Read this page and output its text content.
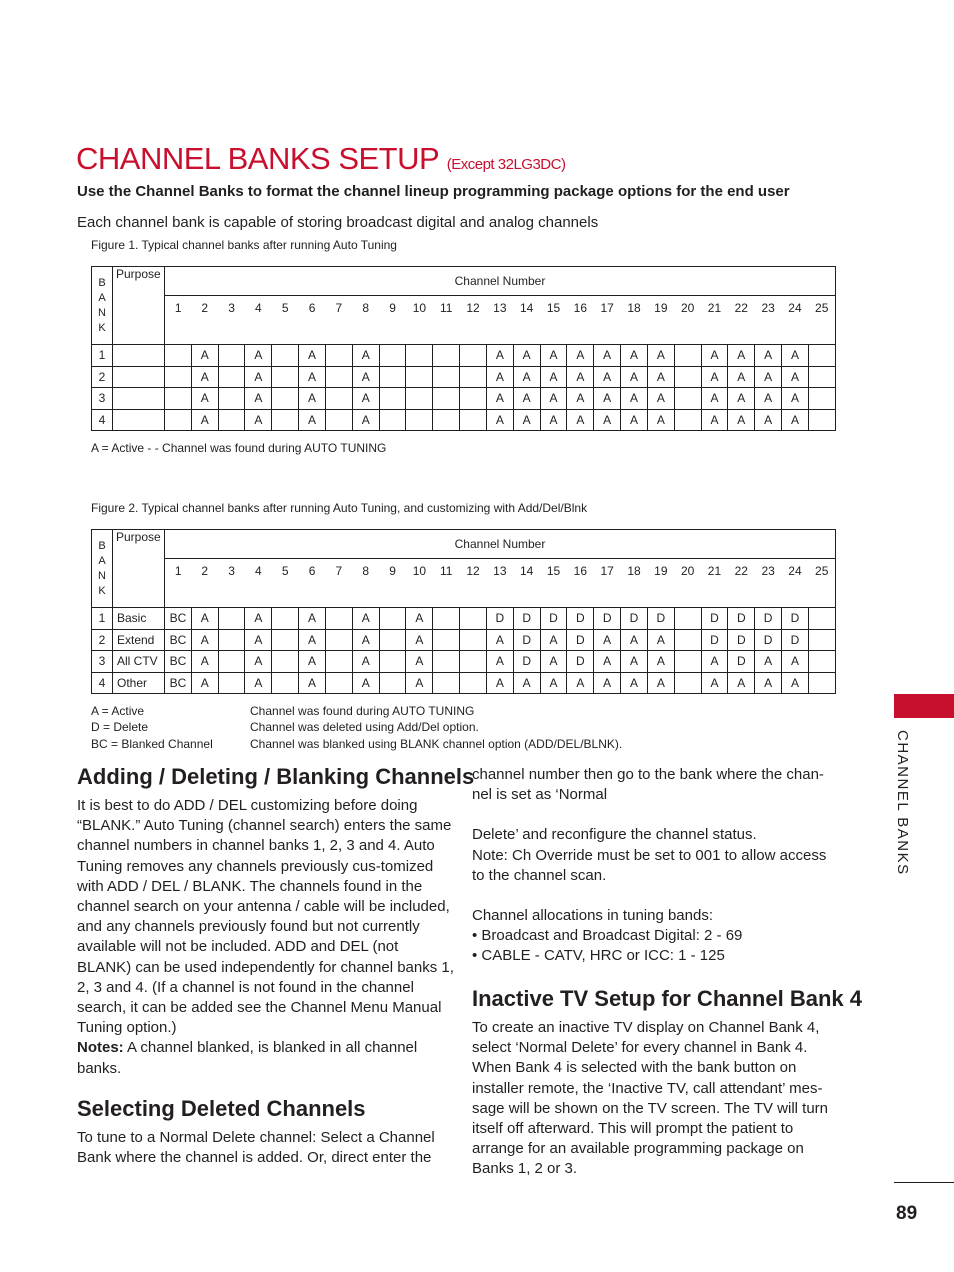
CHANNEL BANKS SETUP (Except 32LG3DC)
Use the Channel Banks to format the channel lineup programming package options for the end user
Each channel bank is capable of storing broadcast digital and analog channels
Figure 1. Typical channel banks after running Auto Tuning
B
A
N
K	Purpose	Channel Number																								
		1	2	3	4	5	6	7	8	9	10	11	12	13	14	15	16	17	18	19	20	21	22	23	24	25
1			A		A		A		A					A	A	A	A	A	A	A		A	A	A	A	
2			A		A		A		A					A	A	A	A	A	A	A		A	A	A	A	
3			A		A		A		A					A	A	A	A	A	A	A		A	A	A	A	
4			A		A		A		A					A	A	A	A	A	A	A		A	A	A	A	
A = Active - - Channel was found during AUTO TUNING
Figure 2. Typical channel banks after running Auto Tuning, and customizing with Add/Del/Blnk
B
A
N
K	Purpose	Channel Number																								
		1	2	3	4	5	6	7	8	9	10	11	12	13	14	15	16	17	18	19	20	21	22	23	24	25
1	Basic	BC	A		A		A		A		A			D	D	D	D	D	D	D		D	D	D	D	
2	Extend	BC	A		A		A		A		A			A	D	A	D	A	A	A		D	D	D	D	
3	All CTV	BC	A		A		A		A		A			A	D	A	D	A	A	A		A	D	A	A	
4	Other	BC	A		A		A		A		A			A	A	A	A	A	A	A		A	A	A	A	
A = Active	Channel was found during AUTO TUNING
D = Delete	Channel was deleted using Add/Del option.
BC = Blanked Channel	Channel was blanked using BLANK channel option (ADD/DEL/BLNK).
Adding / Deleting / Blanking Channels
It is best to do ADD / DEL customizing before doing “BLANK.” Auto Tuning (channel search) enters the same channel numbers in channel banks 1, 2, 3 and 4. Auto Tuning removes any channels previously cus-tomized with ADD / DEL / BLANK. The channels found in the channel search on your antenna / cable will be included, and any channels previously found but not currently available will not be included. ADD and DEL (not BLANK) can be used independently for channel banks 1, 2, 3 and 4. (If a channel is not found in the channel search, it can be added see the Channel Menu Manual Tuning option.)
Notes: A channel blanked, is blanked in all channel banks.
Selecting Deleted Channels
To tune to a Normal Delete channel: Select a Channel Bank where the channel is added. Or, direct enter the
channel number then go to the bank where the chan-nel is set as ‘Normal
Delete’ and reconfigure the channel status.
Note: Ch Override must be set to 001 to allow access to the channel scan.
Channel allocations in tuning bands:
• Broadcast and Broadcast Digital: 2 - 69
• CABLE - CATV, HRC or ICC: 1 - 125
Inactive TV Setup for Channel Bank 4
To create an inactive TV display on Channel Bank 4, select ‘Normal Delete’ for every channel in Bank 4. When Bank 4 is selected with the bank button on installer remote, the ‘Inactive TV, call attendant’ mes-sage will be shown on the TV screen. The TV will turn itself off afterward. This will prompt the patient to arrange for an available programming package on Banks 1, 2 or 3.
CHANNEL BANKS
89
